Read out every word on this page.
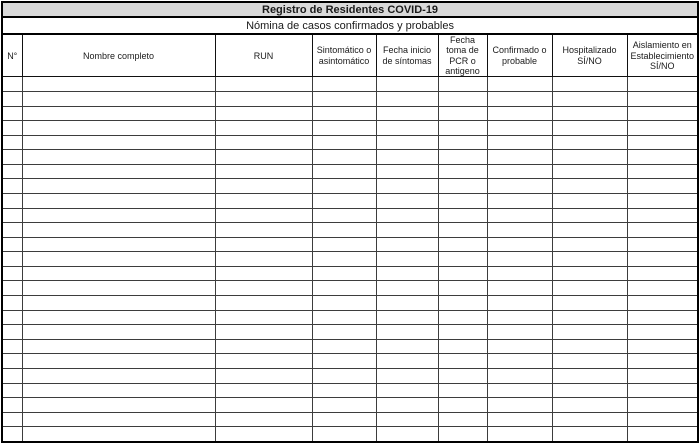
Registro de Residentes COVID-19								
Nómina de casos confirmados y probables								
N°	Nombre completo	RUN	Sintomático o asintomático	Fecha inicio de síntomas	Fecha toma de PCR o antigeno	Confirmado o probable	Hospitalizado SÍ/NO	Aislamiento en Establecimiento SÍ/NO
